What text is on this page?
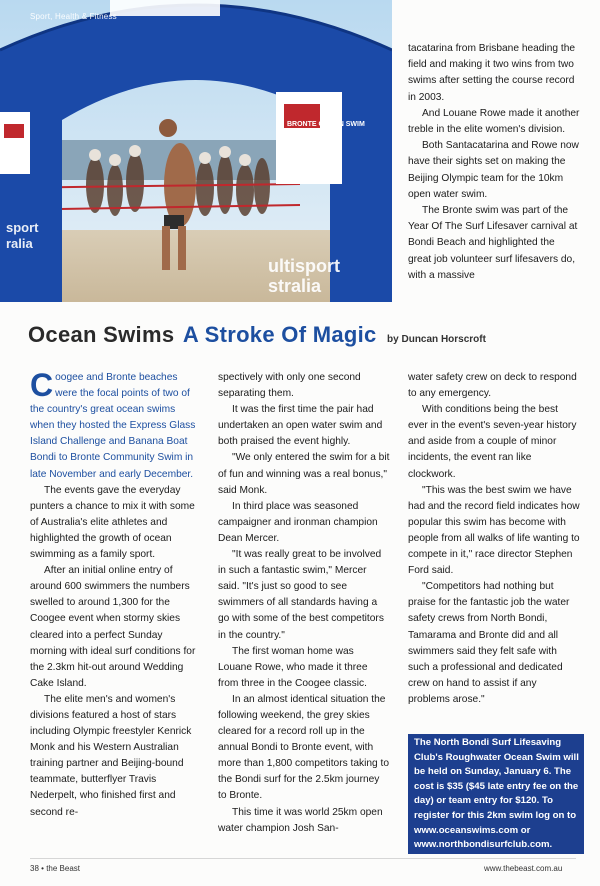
BRONTE OCEAN SWIM
sport
ralia
ultisport
stralia
Sport, Health & Fitness

tacatarina from Brisbane heading the field and making it two wins from two swims after setting the course record in 2003.

And Louane Rowe made it another treble in the elite women's division.

Both Santacatarina and Rowe now have their sights set on making the Beijing Olympic team for the 10km open water swim.

The Bronte swim was part of the Year Of The Surf Lifesaver carnival at Bondi Beach and highlighted the great job volunteer surf lifesavers do, with a massive

Ocean Swims A Stroke Of Magic by Duncan Horscroft

Coogee and Bronte beaches were the focal points of two of the country's great ocean swims when they hosted the Express Glass Island Challenge and Banana Boat Bondi to Bronte Community Swim in late November and early December.

The events gave the everyday punters a chance to mix it with some of Australia's elite athletes and highlighted the growth of ocean swimming as a family sport.

After an initial online entry of around 600 swimmers the numbers swelled to around 1,300 for the Coogee event when stormy skies cleared into a perfect Sunday morning with ideal surf conditions for the 2.3km hit-out around Wedding Cake Island.

The elite men's and women's divisions featured a host of stars including Olympic freestyler Kenrick Monk and his Western Australian training partner and Beijing-bound teammate, butterflyer Travis Nederpelt, who finished first and second re-

spectively with only one second separating them.

It was the first time the pair had undertaken an open water swim and both praised the event highly.

"We only entered the swim for a bit of fun and winning was a real bonus," said Monk.

In third place was seasoned campaigner and ironman champion Dean Mercer.

"It was really great to be involved in such a fantastic swim," Mercer said. "It's just so good to see swimmers of all standards having a go with some of the best competitors in the country."

The first woman home was Louane Rowe, who made it three from three in the Coogee classic.

In an almost identical situation the following weekend, the grey skies cleared for a record roll up in the annual Bondi to Bronte event, with more than 1,800 competitors taking to the Bondi surf for the 2.5km journey to Bronte.

This time it was world 25km open water champion Josh San-

water safety crew on deck to respond to any emergency.

With conditions being the best ever in the event's seven-year history and aside from a couple of minor incidents, the event ran like clockwork.

"This was the best swim we have had and the record field indicates how popular this swim has become with people from all walks of life wanting to compete in it," race director Stephen Ford said.

"Competitors had nothing but praise for the fantastic job the water safety crews from North Bondi, Tamarama and Bronte did and all swimmers said they felt safe with such a professional and dedicated crew on hand to assist if any problems arose."

The North Bondi Surf Lifesaving Club's Roughwater Ocean Swim will be held on Sunday, January 6. The cost is $35 ($45 late entry fee on the day) or team entry for $120. To register for this 2km swim log on to www.oceanswims.com or www.northbondisurfclub.com.
38 • the Beast	www.thebeast.com.au
